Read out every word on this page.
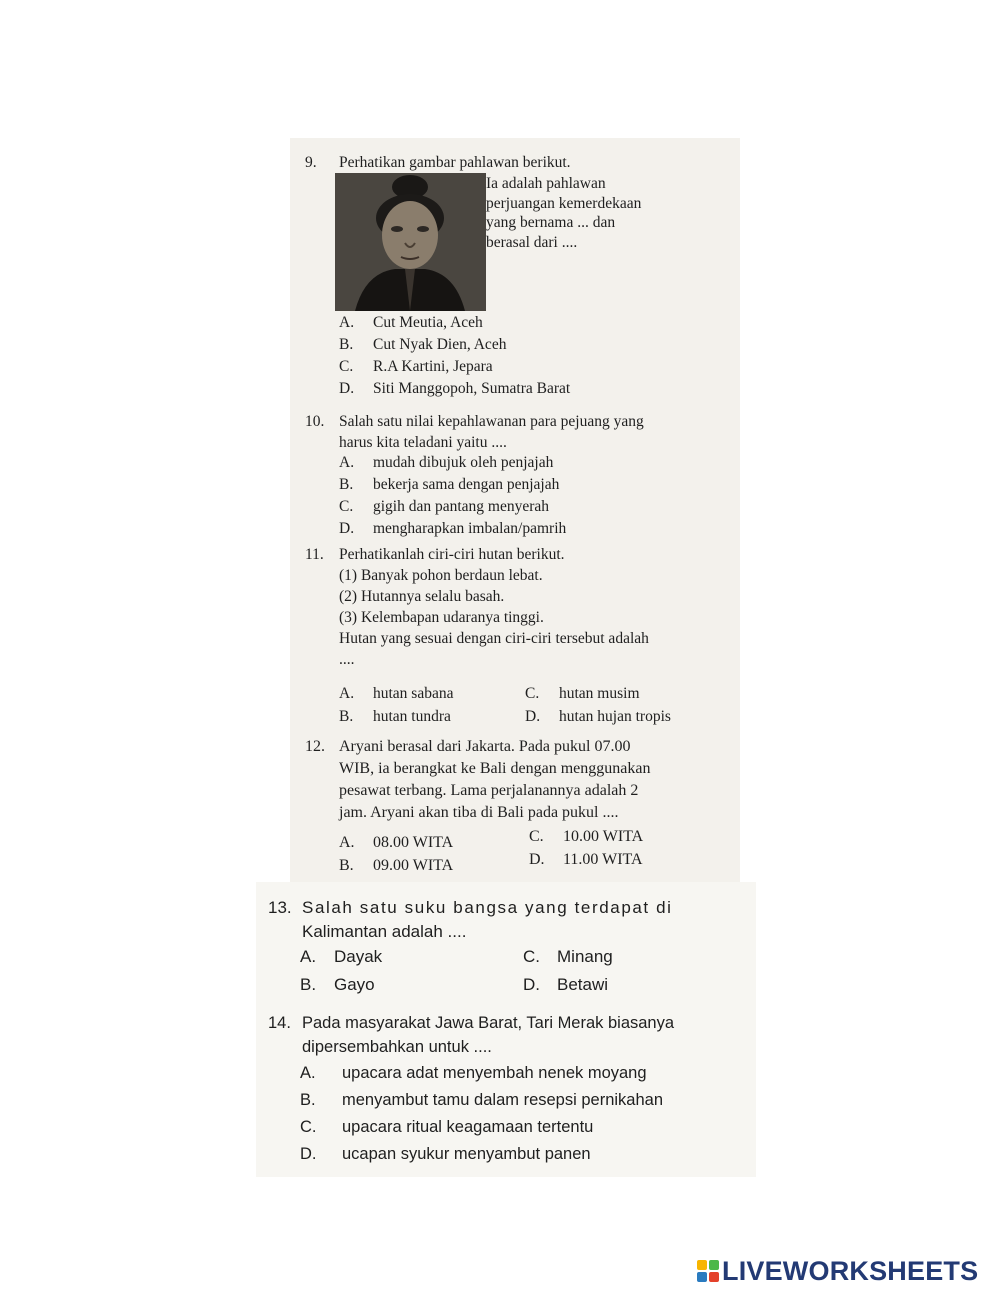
9. Perhatikan gambar pahlawan berikut.
Ia adalah pahlawan
perjuangan kemerdekaan
yang bernama ... dan
berasal dari ....
A. Cut Meutia, Aceh
B. Cut Nyak Dien, Aceh
C. R.A Kartini, Jepara
D. Siti Manggopoh, Sumatra Barat
10. Salah satu nilai kepahlawanan para pejuang yang
harus kita teladani yaitu ....
A. mudah dibujuk oleh penjajah
B. bekerja sama dengan penjajah
C. gigih dan pantang menyerah
D. mengharapkan imbalan/pamrih
11. Perhatikanlah ciri-ciri hutan berikut.
(1) Banyak pohon berdaun lebat.
(2) Hutannya selalu basah.
(3) Kelembapan udaranya tinggi.
Hutan yang sesuai dengan ciri-ciri tersebut adalah
....
A. hutan sabana
B. hutan tundra
C. hutan musim
D. hutan hujan tropis
12. Aryani berasal dari Jakarta. Pada pukul 07.00
WIB, ia berangkat ke Bali dengan menggunakan
pesawat terbang. Lama perjalanannya adalah 2
jam. Aryani akan tiba di Bali pada pukul ....
A. 08.00 WITA
B. 09.00 WITA
C. 10.00 WITA
D. 11.00 WITA
13. Salah satu suku bangsa yang terdapat di
Kalimantan adalah ....
A. Dayak
B. Gayo
C. Minang
D. Betawi
14. Pada masyarakat Jawa Barat, Tari Merak biasanya
dipersembahkan untuk ....
A. upacara adat menyembah nenek moyang
B. menyambut tamu dalam resepsi pernikahan
C. upacara ritual keagamaan tertentu
D. ucapan syukur menyambut panen
LIVEWORKSHEETS
